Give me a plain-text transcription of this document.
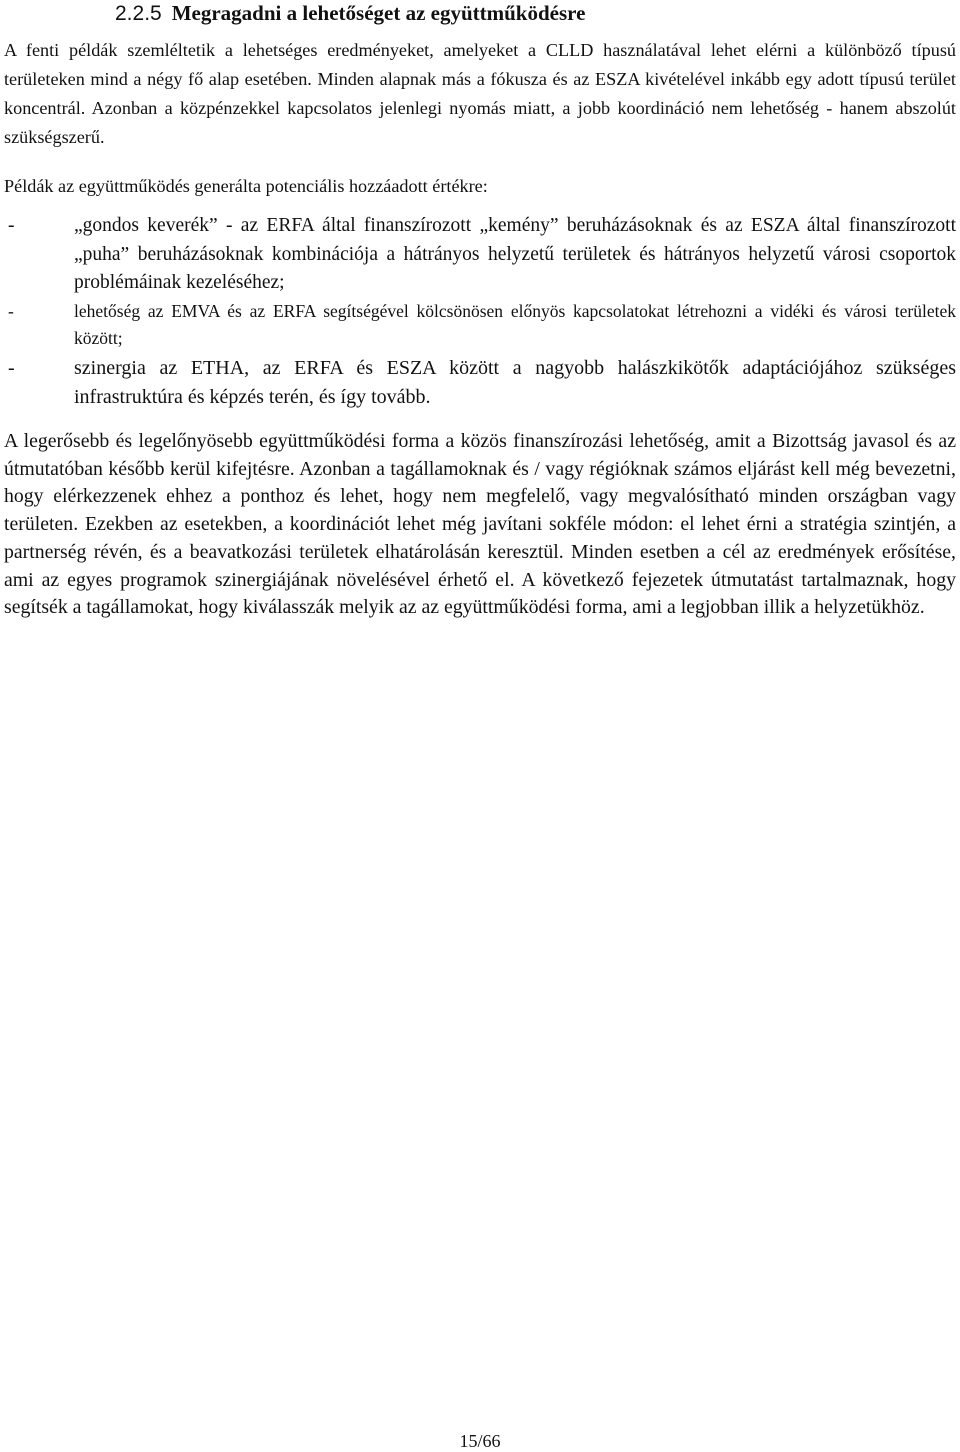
2.2.5 Megragadni a lehetőséget az együttműködésre

A fenti példák szemléltetik a lehetséges eredményeket, amelyeket a CLLD használatával lehet elérni a különböző típusú területeken mind a négy fő alap esetében. Minden alapnak más a fókusza és az ESZA kivételével inkább egy adott típusú terület koncentrál. Azonban a közpénzekkel kapcsolatos jelenlegi nyomás miatt, a jobb koordináció nem lehetőség - hanem abszolút szükségszerű.

Példák az együttműködés generálta potenciális hozzáadott értékre:

-	„gondos keverék” - az ERFA által finanszírozott „kemény” beruházásoknak és az ESZA által finanszírozott „puha” beruházásoknak kombinációja a hátrányos helyzetű területek és hátrányos helyzetű városi csoportok problémáinak kezeléséhez;
-	lehetőség az EMVA és az ERFA segítségével kölcsönösen előnyös kapcsolatokat létrehozni a vidéki és városi területek között;
-	szinergia az ETHA, az ERFA és ESZA között a nagyobb halászkikötők adaptációjához szükséges infrastruktúra és képzés terén, és így tovább.

A legerősebb és legelőnyösebb együttműködési forma a közös finanszírozási lehetőség, amit a Bizottság javasol és az útmutatóban később kerül kifejtésre. Azonban a tagállamoknak és / vagy régióknak számos eljárást kell még bevezetni, hogy elérkezzenek ehhez a ponthoz és lehet, hogy nem megfelelő, vagy megvalósítható minden országban vagy területen. Ezekben az esetekben, a koordinációt lehet még javítani sokféle módon: el lehet érni a stratégia szintjén, a partnerség révén, és a beavatkozási területek elhatárolásán keresztül. Minden esetben a cél az eredmények erősítése, ami az egyes programok szinergiájának növelésével érhető el. A következő fejezetek útmutatást tartalmaznak, hogy segítsék a tagállamokat, hogy kiválasszák melyik az az együttműködési forma, ami a legjobban illik a helyzetükhöz.

15/66
